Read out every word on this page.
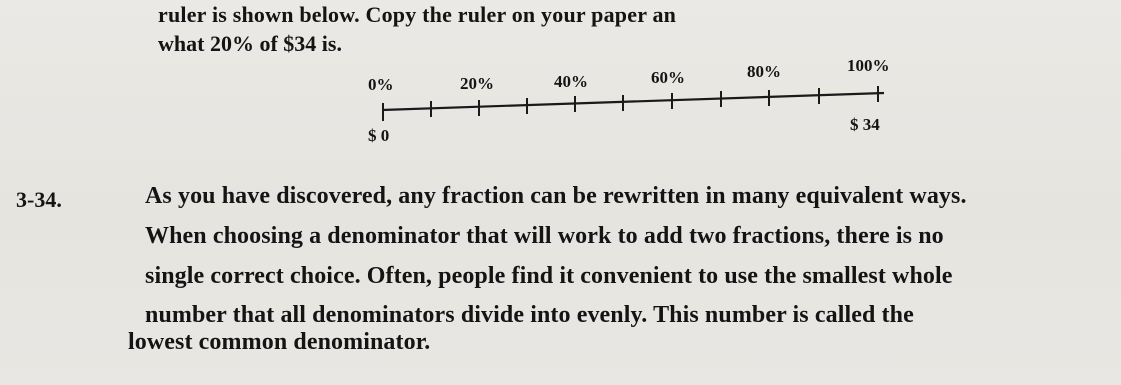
ruler is shown below. Copy the ruler on your paper an
what 20% of $34 is.
0%	20%	40%	60%	80%	100%
$ 0
$ 34
3-34.	As you have discovered, any fraction can be rewritten in many equivalent ways.
When choosing a denominator that will work to add two fractions, there is no
single correct choice. Often, people find it convenient to use the smallest whole
number that all denominators divide into evenly. This number is called the
lowest common denominator.
